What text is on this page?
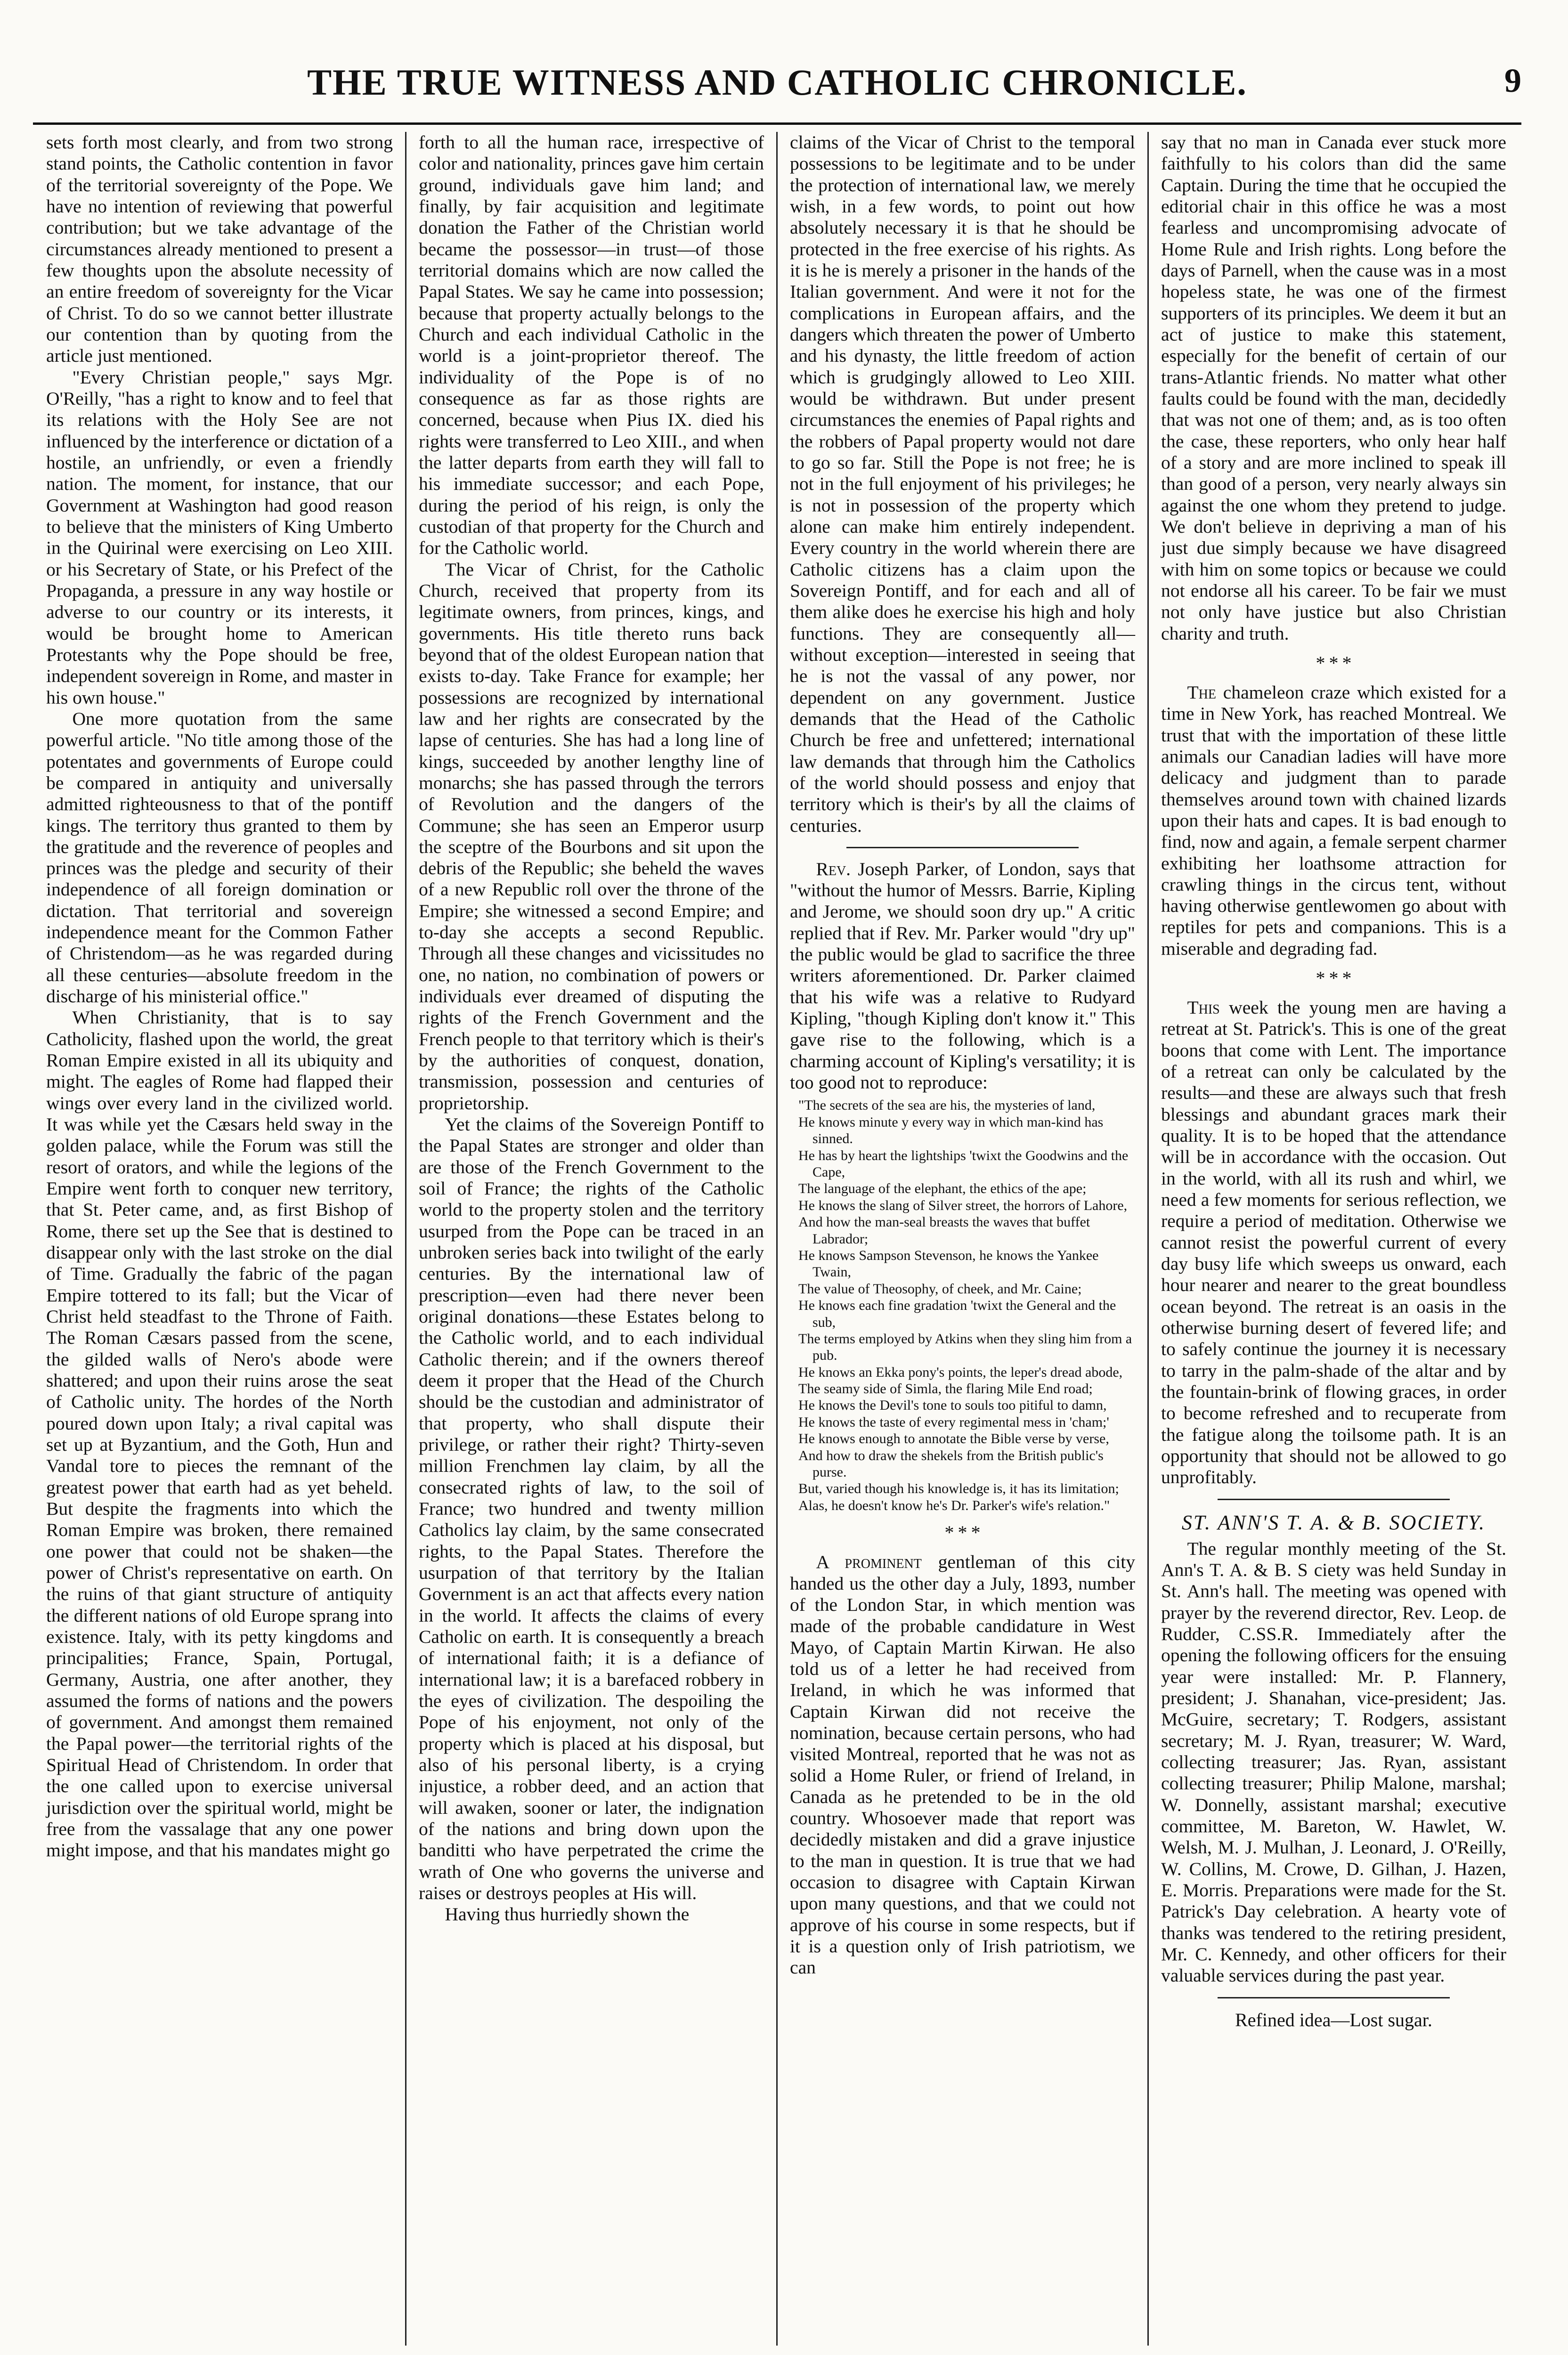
THE TRUE WITNESS AND CATHOLIC CHRONICLE.	9

sets forth most clearly, and from two strong stand points, the Catholic contention in favor of the territorial sovereignty of the Pope. We have no intention of reviewing that powerful contribution; but we take advantage of the circumstances already mentioned to present a few thoughts upon the absolute necessity of an entire freedom of sovereignty for the Vicar of Christ. To do so we cannot better illustrate our contention than by quoting from the article just mentioned.

"Every Christian people," says Mgr. O'Reilly, "has a right to know and to feel that its relations with the Holy See are not influenced by the interference or dictation of a hostile, an unfriendly, or even a friendly nation. The moment, for instance, that our Government at Washington had good reason to believe that the ministers of King Umberto in the Quirinal were exercising on Leo XIII. or his Secretary of State, or his Prefect of the Propaganda, a pressure in any way hostile or adverse to our country or its interests, it would be brought home to American Protestants why the Pope should be free, independent sovereign in Rome, and master in his own house."

One more quotation from the same powerful article. "No title among those of the potentates and governments of Europe could be compared in antiquity and universally admitted righteousness to that of the pontiff kings. The territory thus granted to them by the gratitude and the reverence of peoples and princes was the pledge and security of their independence of all foreign domination or dictation. That territorial and sovereign independence meant for the Common Father of Christendom—as he was regarded during all these centuries—absolute freedom in the discharge of his ministerial office."

When Christianity, that is to say Catholicity, flashed upon the world, the great Roman Empire existed in all its ubiquity and might. The eagles of Rome had flapped their wings over every land in the civilized world. It was while yet the Cæsars held sway in the golden palace, while the Forum was still the resort of orators, and while the legions of the Empire went forth to conquer new territory, that St. Peter came, and, as first Bishop of Rome, there set up the See that is destined to disappear only with the last stroke on the dial of Time. Gradually the fabric of the pagan Empire tottered to its fall; but the Vicar of Christ held steadfast to the Throne of Faith. The Roman Cæsars passed from the scene, the gilded walls of Nero's abode were shattered; and upon their ruins arose the seat of Catholic unity. The hordes of the North poured down upon Italy; a rival capital was set up at Byzantium, and the Goth, Hun and Vandal tore to pieces the remnant of the greatest power that earth had as yet beheld. But despite the fragments into which the Roman Empire was broken, there remained one power that could not be shaken—the power of Christ's representative on earth. On the ruins of that giant structure of antiquity the different nations of old Europe sprang into existence. Italy, with its petty kingdoms and principalities; France, Spain, Portugal, Germany, Austria, one after another, they assumed the forms of nations and the powers of government. And amongst them remained the Papal power—the territorial rights of the Spiritual Head of Christendom. In order that the one called upon to exercise universal jurisdiction over the spiritual world, might be free from the vassalage that any one power might impose, and that his mandates might go

forth to all the human race, irrespective of color and nationality, princes gave him certain ground, individuals gave him land; and finally, by fair acquisition and legitimate donation the Father of the Christian world became the possessor—in trust—of those territorial domains which are now called the Papal States. We say he came into possession; because that property actually belongs to the Church and each individual Catholic in the world is a joint-proprietor thereof. The individuality of the Pope is of no consequence as far as those rights are concerned, because when Pius IX. died his rights were transferred to Leo XIII., and when the latter departs from earth they will fall to his immediate successor; and each Pope, during the period of his reign, is only the custodian of that property for the Church and for the Catholic world.

The Vicar of Christ, for the Catholic Church, received that property from its legitimate owners, from princes, kings, and governments. His title thereto runs back beyond that of the oldest European nation that exists to-day. Take France for example; her possessions are recognized by international law and her rights are consecrated by the lapse of centuries. She has had a long line of kings, succeeded by another lengthy line of monarchs; she has passed through the terrors of Revolution and the dangers of the Commune; she has seen an Emperor usurp the sceptre of the Bourbons and sit upon the debris of the Republic; she beheld the waves of a new Republic roll over the throne of the Empire; she witnessed a second Empire; and to-day she accepts a second Republic. Through all these changes and vicissitudes no one, no nation, no combination of powers or individuals ever dreamed of disputing the rights of the French Government and the French people to that territory which is their's by the authorities of conquest, donation, transmission, possession and centuries of proprietorship.

Yet the claims of the Sovereign Pontiff to the Papal States are stronger and older than are those of the French Government to the soil of France; the rights of the Catholic world to the property stolen and the territory usurped from the Pope can be traced in an unbroken series back into twilight of the early centuries. By the international law of prescription—even had there never been original donations—these Estates belong to the Catholic world, and to each individual Catholic therein; and if the owners thereof deem it proper that the Head of the Church should be the custodian and administrator of that property, who shall dispute their privilege, or rather their right? Thirty-seven million Frenchmen lay claim, by all the consecrated rights of law, to the soil of France; two hundred and twenty million Catholics lay claim, by the same consecrated rights, to the Papal States. Therefore the usurpation of that territory by the Italian Government is an act that affects every nation in the world. It affects the claims of every Catholic on earth. It is consequently a breach of international faith; it is a defiance of international law; it is a barefaced robbery in the eyes of civilization. The despoiling the Pope of his enjoyment, not only of the property which is placed at his disposal, but also of his personal liberty, is a crying injustice, a robber deed, and an action that will awaken, sooner or later, the indignation of the nations and bring down upon the banditti who have perpetrated the crime the wrath of One who governs the universe and raises or destroys peoples at His will.

Having thus hurriedly shown the

claims of the Vicar of Christ to the temporal possessions to be legitimate and to be under the protection of international law, we merely wish, in a few words, to point out how absolutely necessary it is that he should be protected in the free exercise of his rights. As it is he is merely a prisoner in the hands of the Italian government. And were it not for the complications in European affairs, and the dangers which threaten the power of Umberto and his dynasty, the little freedom of action which is grudgingly allowed to Leo XIII. would be withdrawn. But under present circumstances the enemies of Papal rights and the robbers of Papal property would not dare to go so far. Still the Pope is not free; he is not in the full enjoyment of his privileges; he is not in possession of the property which alone can make him entirely independent. Every country in the world wherein there are Catholic citizens has a claim upon the Sovereign Pontiff, and for each and all of them alike does he exercise his high and holy functions. They are consequently all—without exception—interested in seeing that he is not the vassal of any power, nor dependent on any government. Justice demands that the Head of the Catholic Church be free and unfettered; international law demands that through him the Catholics of the world should possess and enjoy that territory which is their's by all the claims of centuries.

Rev. Joseph Parker, of London, says that "without the humor of Messrs. Barrie, Kipling and Jerome, we should soon dry up." A critic replied that if Rev. Mr. Parker would "dry up" the public would be glad to sacrifice the three writers aforementioned. Dr. Parker claimed that his wife was a relative to Rudyard Kipling, "though Kipling don't know it." This gave rise to the following, which is a charming account of Kipling's versatility; it is too good not to reproduce:

"The secrets of the sea are his, the mysteries of land,
He knows minute y every way in which man-kind has sinned.
He has by heart the lightships 'twixt the Goodwins and the Cape,
The language of the elephant, the ethics of the ape;
He knows the slang of Silver street, the horrors of Lahore,
And how the man-seal breasts the waves that buffet Labrador;
He knows Sampson Stevenson, he knows the Yankee Twain,
The value of Theosophy, of cheek, and Mr. Caine;
He knows each fine gradation 'twixt the General and the sub,
The terms employed by Atkins when they sling him from a pub.
He knows an Ekka pony's points, the leper's dread abode,
The seamy side of Simla, the flaring Mile End road;
He knows the Devil's tone to souls too pitiful to damn,
He knows the taste of every regimental mess in 'cham;'
He knows enough to annotate the Bible verse by verse,
And how to draw the shekels from the British public's purse.
But, varied though his knowledge is, it has its limitation;
Alas, he doesn't know he's Dr. Parker's wife's relation."
* * *

A prominent gentleman of this city handed us the other day a July, 1893, number of the London Star, in which mention was made of the probable candidature in West Mayo, of Captain Martin Kirwan. He also told us of a letter he had received from Ireland, in which he was informed that Captain Kirwan did not receive the nomination, because certain persons, who had visited Montreal, reported that he was not as solid a Home Ruler, or friend of Ireland, in Canada as he pretended to be in the old country. Whosoever made that report was decidedly mistaken and did a grave injustice to the man in question. It is true that we had occasion to disagree with Captain Kirwan upon many questions, and that we could not approve of his course in some respects, but if it is a question only of Irish patriotism, we can

say that no man in Canada ever stuck more faithfully to his colors than did the same Captain. During the time that he occupied the editorial chair in this office he was a most fearless and uncompromising advocate of Home Rule and Irish rights. Long before the days of Parnell, when the cause was in a most hopeless state, he was one of the firmest supporters of its principles. We deem it but an act of justice to make this statement, especially for the benefit of certain of our trans-Atlantic friends. No matter what other faults could be found with the man, decidedly that was not one of them; and, as is too often the case, these reporters, who only hear half of a story and are more inclined to speak ill than good of a person, very nearly always sin against the one whom they pretend to judge. We don't believe in depriving a man of his just due simply because we have disagreed with him on some topics or because we could not endorse all his career. To be fair we must not only have justice but also Christian charity and truth.

* * *

The chameleon craze which existed for a time in New York, has reached Montreal. We trust that with the importation of these little animals our Canadian ladies will have more delicacy and judgment than to parade themselves around town with chained lizards upon their hats and capes. It is bad enough to find, now and again, a female serpent charmer exhibiting her loathsome attraction for crawling things in the circus tent, without having otherwise gentlewomen go about with reptiles for pets and companions. This is a miserable and degrading fad.

* * *

This week the young men are having a retreat at St. Patrick's. This is one of the great boons that come with Lent. The importance of a retreat can only be calculated by the results—and these are always such that fresh blessings and abundant graces mark their quality. It is to be hoped that the attendance will be in accordance with the occasion. Out in the world, with all its rush and whirl, we need a few moments for serious reflection, we require a period of meditation. Otherwise we cannot resist the powerful current of every day busy life which sweeps us onward, each hour nearer and nearer to the great boundless ocean beyond. The retreat is an oasis in the otherwise burning desert of fevered life; and to safely continue the journey it is necessary to tarry in the palm-shade of the altar and by the fountain-brink of flowing graces, in order to become refreshed and to recuperate from the fatigue along the toilsome path. It is an opportunity that should not be allowed to go unprofitably.

ST. ANN'S T. A. & B. SOCIETY.

The regular monthly meeting of the St. Ann's T. A. & B. S ciety was held Sunday in St. Ann's hall. The meeting was opened with prayer by the reverend director, Rev. Leop. de Rudder, C.SS.R. Immediately after the opening the following officers for the ensuing year were installed: Mr. P. Flannery, president; J. Shanahan, vice-president; Jas. McGuire, secretary; T. Rodgers, assistant secretary; M. J. Ryan, treasurer; W. Ward, collecting treasurer; Jas. Ryan, assistant collecting treasurer; Philip Malone, marshal; W. Donnelly, assistant marshal; executive committee, M. Bareton, W. Hawlet, W. Welsh, M. J. Mulhan, J. Leonard, J. O'Reilly, W. Collins, M. Crowe, D. Gilhan, J. Hazen, E. Morris. Preparations were made for the St. Patrick's Day celebration. A hearty vote of thanks was tendered to the retiring president, Mr. C. Kennedy, and other officers for their valuable services during the past year.

Refined idea—Lost sugar.
